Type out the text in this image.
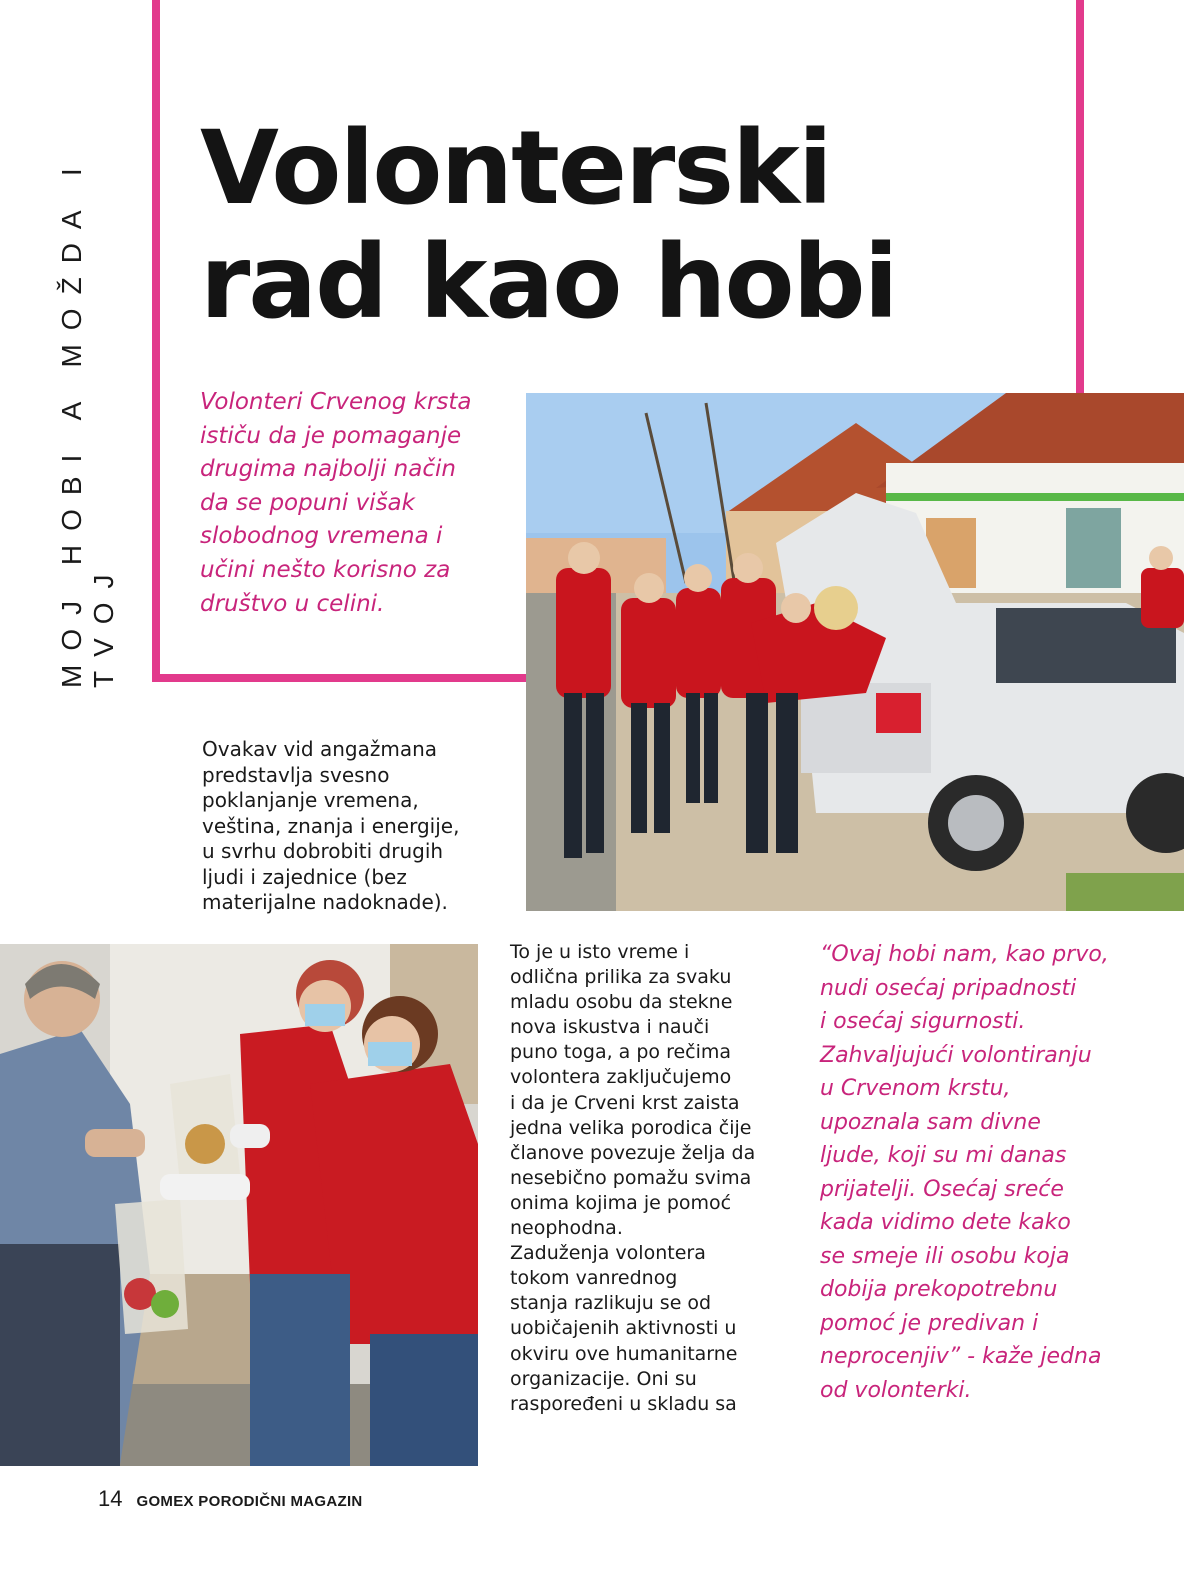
MOJ HOBI A MOŽDA I TVOJ
Volonterski
rad kao hobi
Volonteri Crvenog krsta
ističu da je pomaganje
drugima najbolji način
da se popuni višak
slobodnog vremena i
učini nešto korisno za
društvo u celini.
Ovakav vid angažmana
predstavlja svesno
poklanjanje vremena,
veština, znanja i energije,
u svrhu dobrobiti drugih
ljudi i zajednice (bez
materijalne nadoknade).
To je u isto vreme i
odlična prilika za svaku
mladu osobu da stekne
nova iskustva i nauči
puno toga, a po rečima
volontera zaključujemo
i da je Crveni krst zaista
jedna velika porodica čije
članove povezuje želja da
nesebično pomažu svima
onima kojima je pomoć
neophodna.
Zaduženja volontera
tokom vanrednog
stanja razlikuju se od
uobičajenih aktivnosti u
okviru ove humanitarne
organizacije. Oni su
raspoređeni u skladu sa
“Ovaj hobi nam, kao prvo,
nudi osećaj pripadnosti
i osećaj sigurnosti.
Zahvaljujući volontiranju
u Crvenom krstu,
upoznala sam divne
ljude, koji su mi danas
prijatelji. Osećaj sreće
kada vidimo dete kako
se smeje ili osobu koja
dobija prekopotrebnu
pomoć je predivan i
neprocenjiv” - kaže jedna
od volonterki.
14 GOMEX PORODIČNI MAGAZIN
